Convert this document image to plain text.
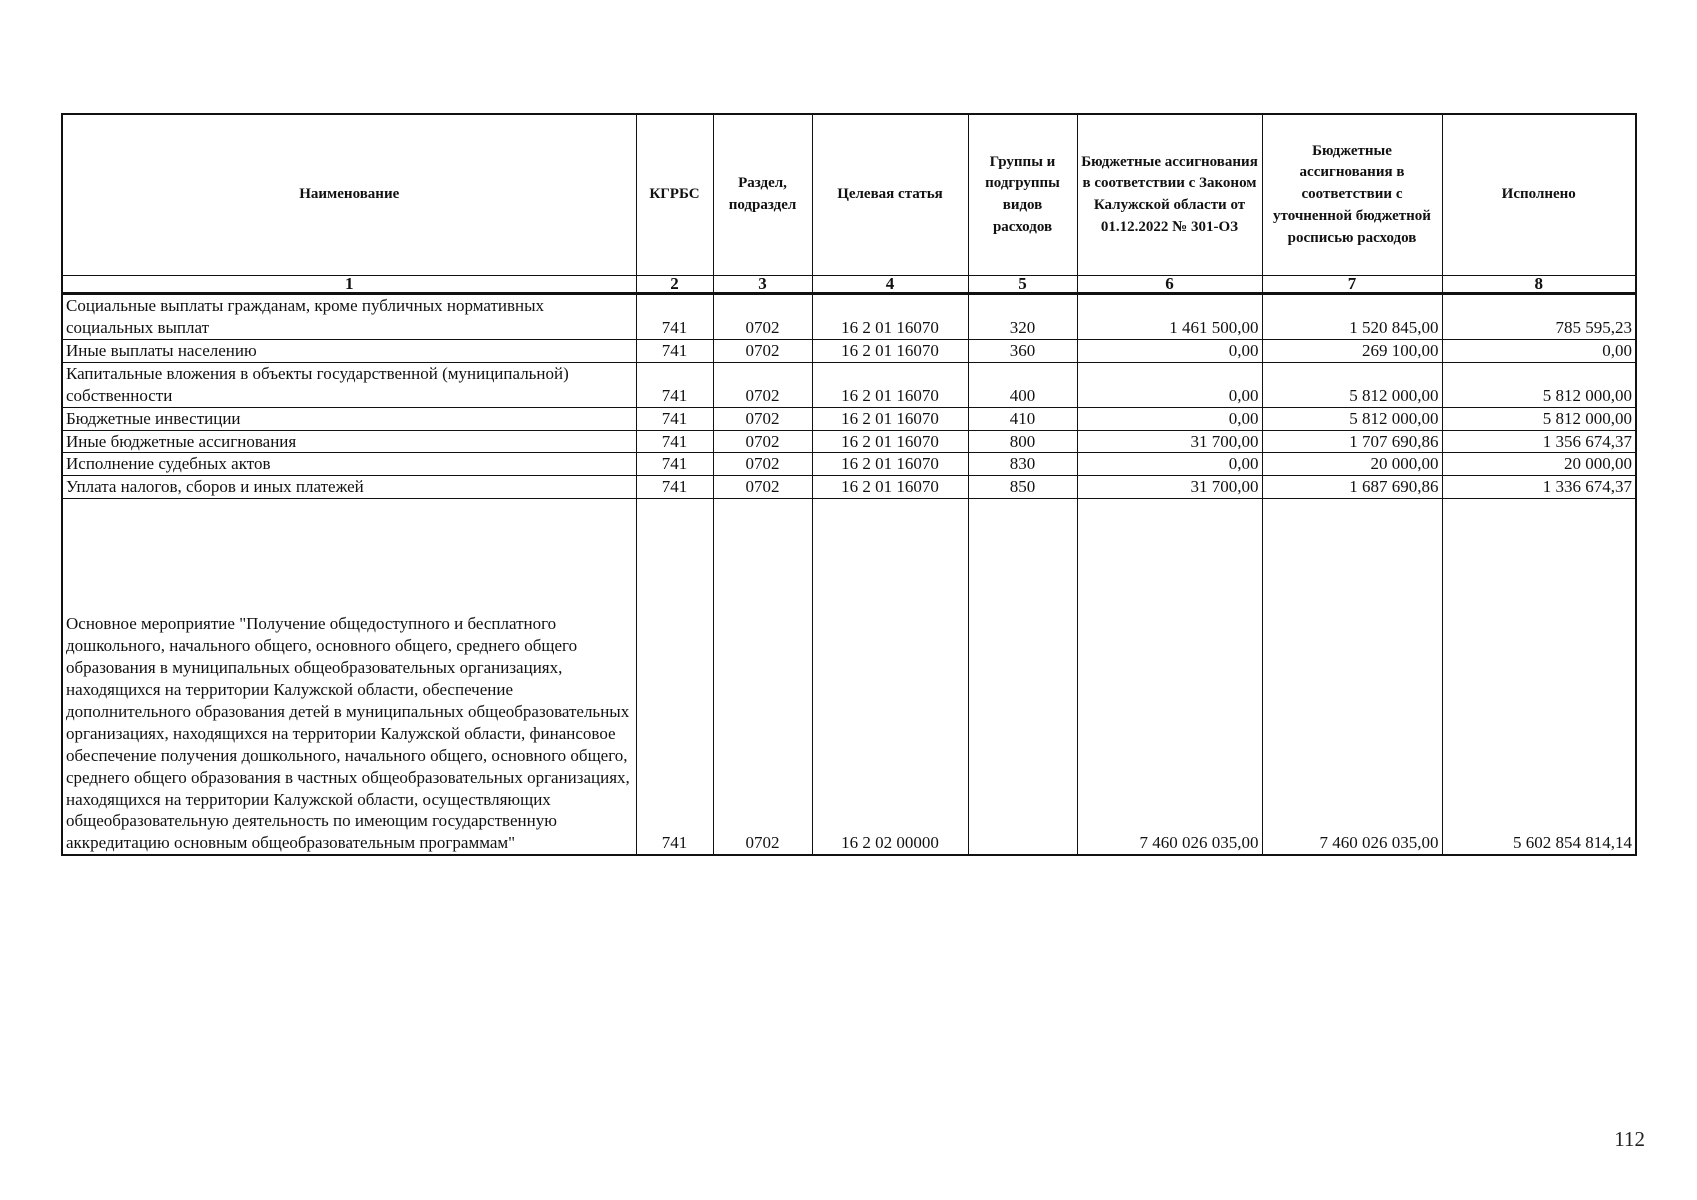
Наименование	КГРБС	Раздел, подраздел	Целевая статья	Группы и подгруппы видов расходов	Бюджетные ассигнования в соответствии с Законом Калужской области от 01.12.2022 № 301-ОЗ	Бюджетные ассигнования в соответствии с уточненной бюджетной росписью расходов	Исполнено
1	2	3	4	5	6	7	8
Социальные выплаты гражданам, кроме публичных нормативных социальных выплат	741	0702	16 2 01 16070	320	1 461 500,00	1 520 845,00	785 595,23
Иные выплаты населению	741	0702	16 2 01 16070	360	0,00	269 100,00	0,00
Капитальные вложения в объекты государственной (муниципальной) собственности	741	0702	16 2 01 16070	400	0,00	5 812 000,00	5 812 000,00
Бюджетные инвестиции	741	0702	16 2 01 16070	410	0,00	5 812 000,00	5 812 000,00
Иные бюджетные ассигнования	741	0702	16 2 01 16070	800	31 700,00	1 707 690,86	1 356 674,37
Исполнение судебных актов	741	0702	16 2 01 16070	830	0,00	20 000,00	20 000,00
Уплата налогов, сборов и иных платежей	741	0702	16 2 01 16070	850	31 700,00	1 687 690,86	1 336 674,37
Основное мероприятие "Получение общедоступного и бесплатного дошкольного, начального общего, основного общего, среднего общего образования в муниципальных общеобразовательных организациях, находящихся на территории Калужской области, обеспечение дополнительного образования детей в муниципальных общеобразовательных организациях, находящихся на территории Калужской области, финансовое обеспечение получения дошкольного, начального общего, основного общего, среднего общего образования в частных общеобразовательных организациях, находящихся на территории Калужской области, осуществляющих общеобразовательную деятельность по имеющим государственную аккредитацию основным общеобразовательным программам"	741	0702	16 2 02 00000		7 460 026 035,00	7 460 026 035,00	5 602 854 814,14
112
